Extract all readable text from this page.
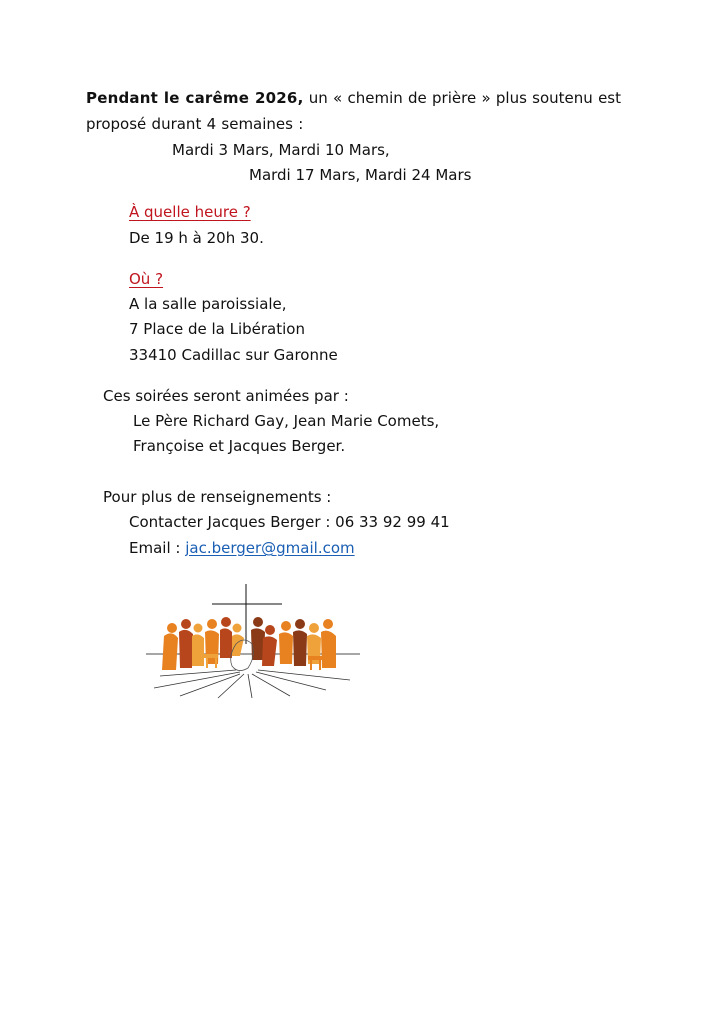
Pendant le carême 2026, un « chemin de prière » plus soutenu est
proposé durant 4 semaines :
Mardi 3 Mars, Mardi 10 Mars,
Mardi 17 Mars, Mardi 24 Mars
À quelle heure ?
De 19 h à 20h 30.
Où ?
A la salle paroissiale,
7 Place de la Libération
33410 Cadillac sur Garonne
Ces soirées seront animées par :
Le Père Richard Gay, Jean Marie Comets,
Françoise et Jacques Berger.
Pour plus de renseignements :
Contacter Jacques Berger : 06 33 92 99 41
Email : jac.berger@gmail.com
